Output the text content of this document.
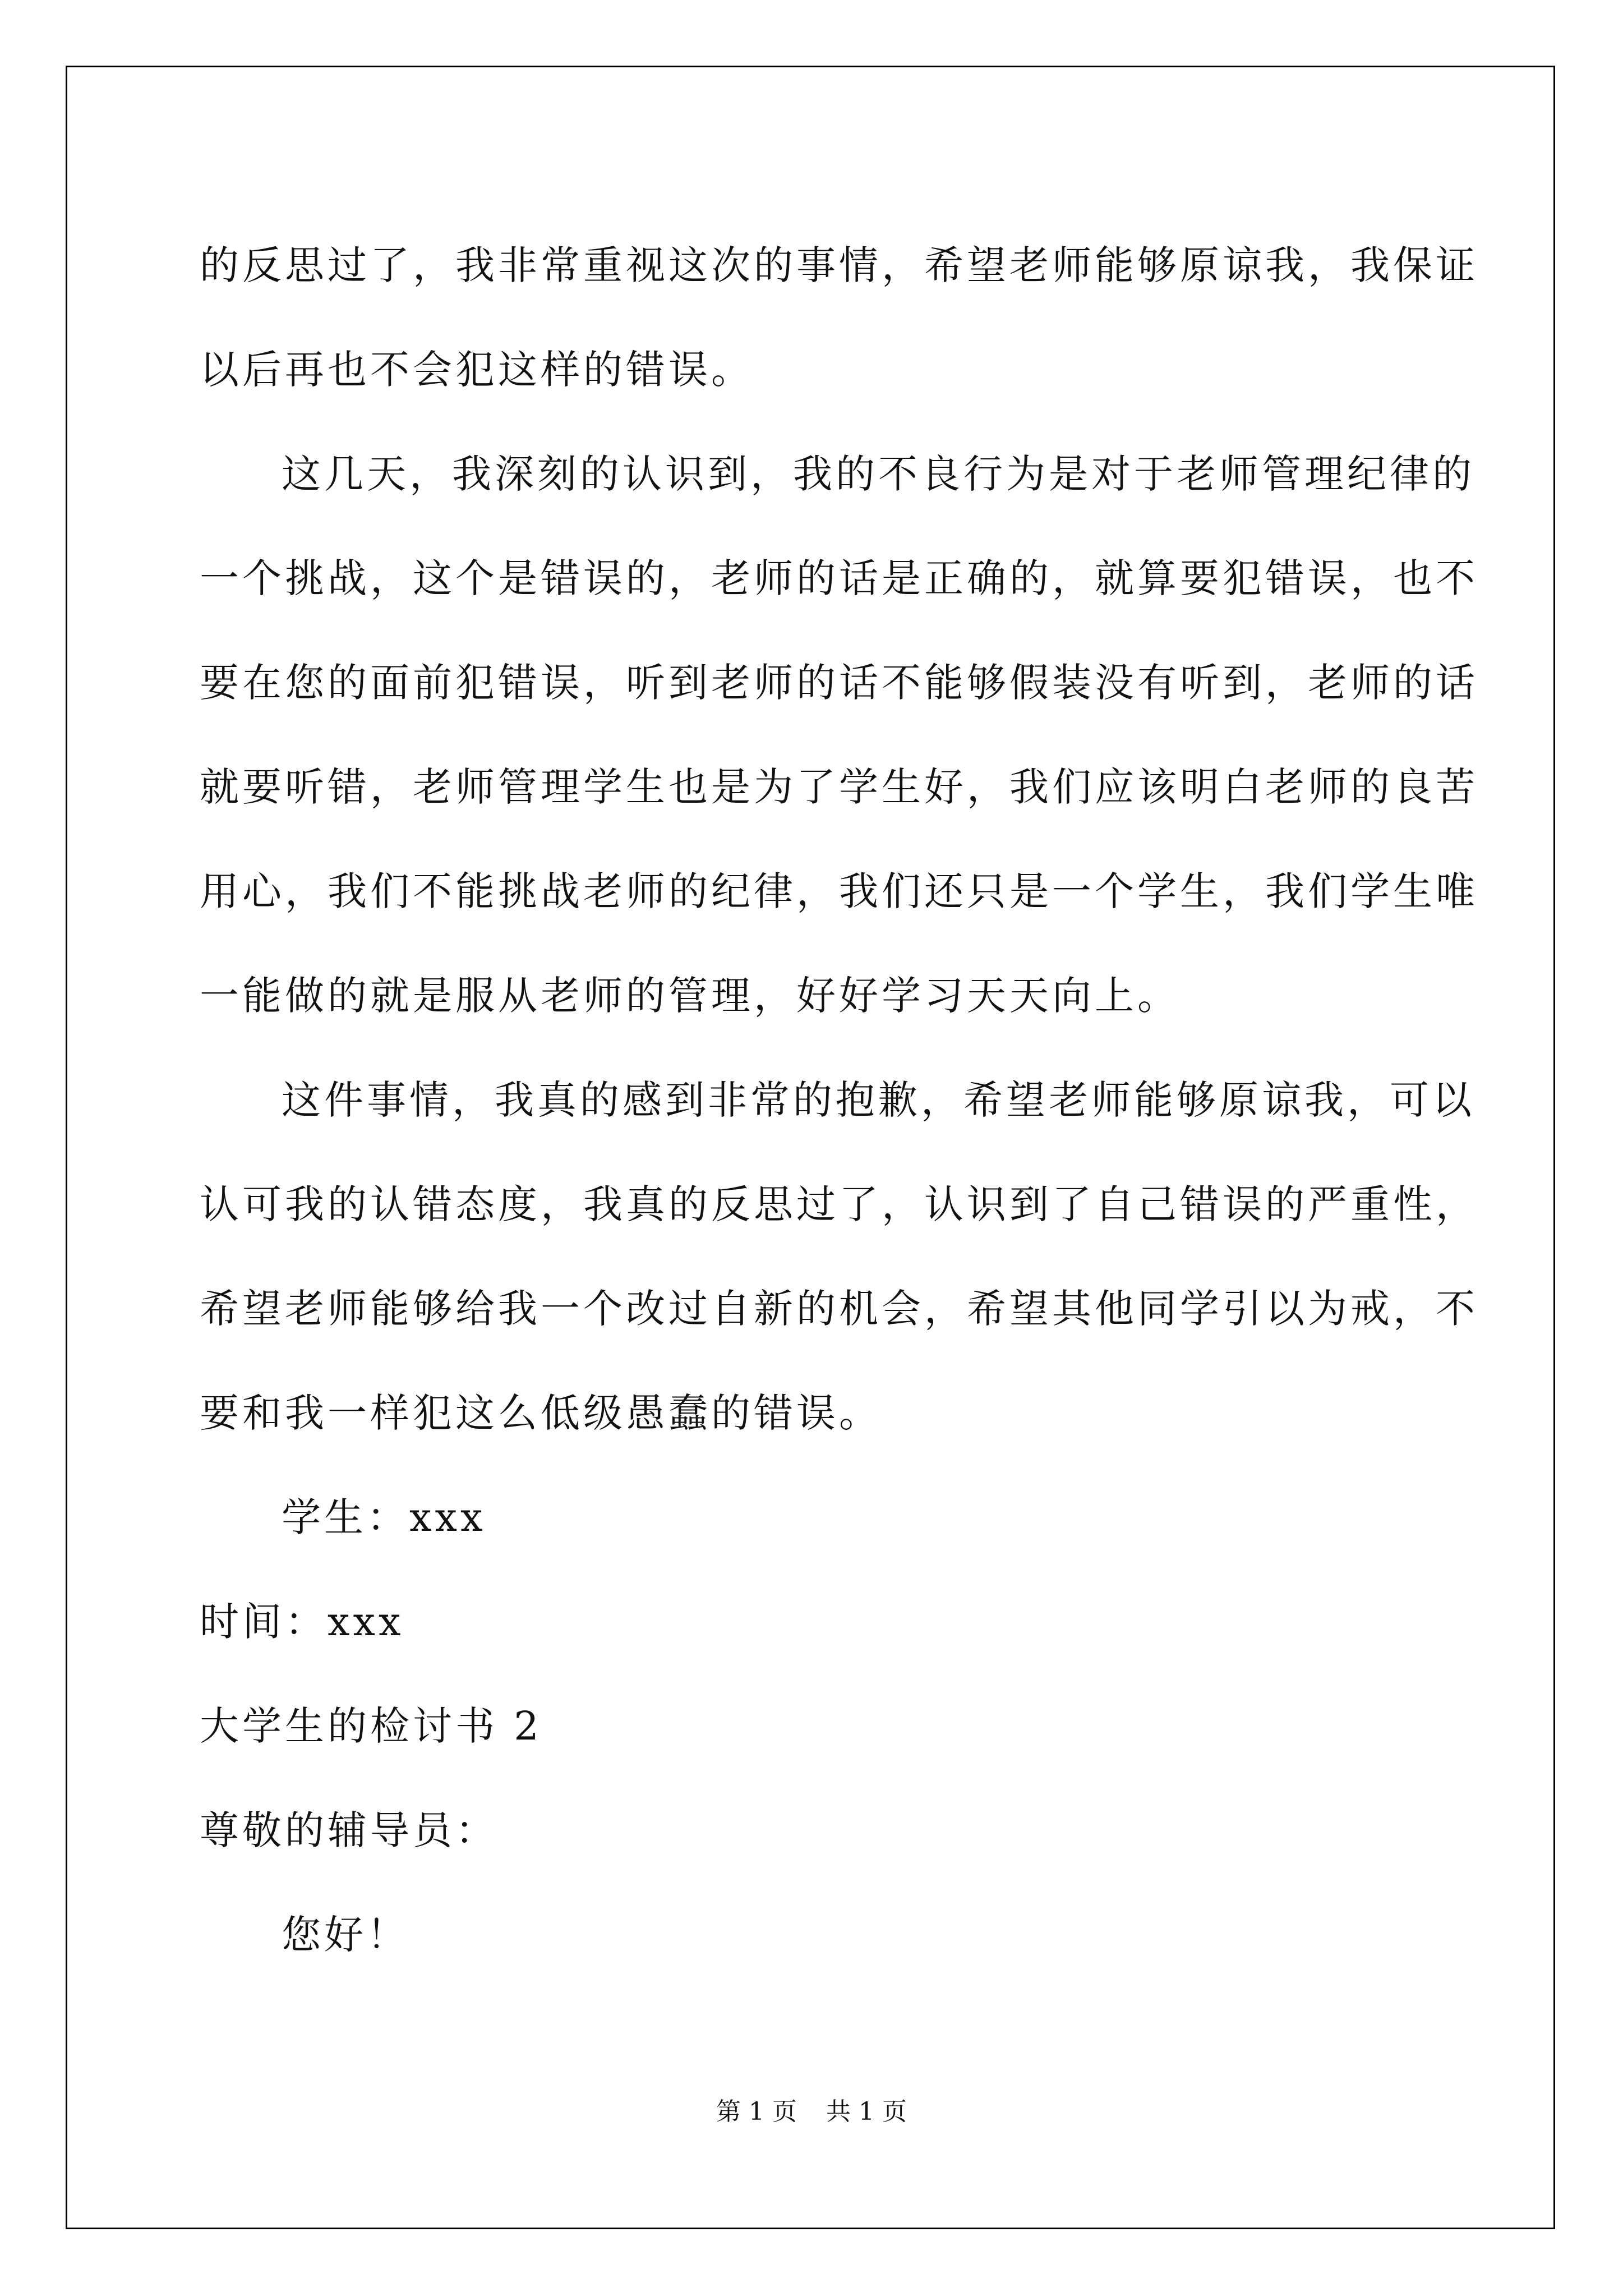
的反思过了，我非常重视这次的事情，希望老师能够原谅我，我保证
以后再也不会犯这样的错误。
这几天，我深刻的认识到，我的不良行为是对于老师管理纪律的
一个挑战，这个是错误的，老师的话是正确的，就算要犯错误，也不
要在您的面前犯错误，听到老师的话不能够假装没有听到，老师的话
就要听错，老师管理学生也是为了学生好，我们应该明白老师的良苦
用心，我们不能挑战老师的纪律，我们还只是一个学生，我们学生唯
一能做的就是服从老师的管理，好好学习天天向上。
这件事情，我真的感到非常的抱歉，希望老师能够原谅我，可以
认可我的认错态度，我真的反思过了，认识到了自己错误的严重性，
希望老师能够给我一个改过自新的机会，希望其他同学引以为戒，不
要和我一样犯这么低级愚蠢的错误。
学生：xxx
时间：xxx
大学生的检讨书 2
尊敬的辅导员：
您好！
第 1 页 共 1 页
